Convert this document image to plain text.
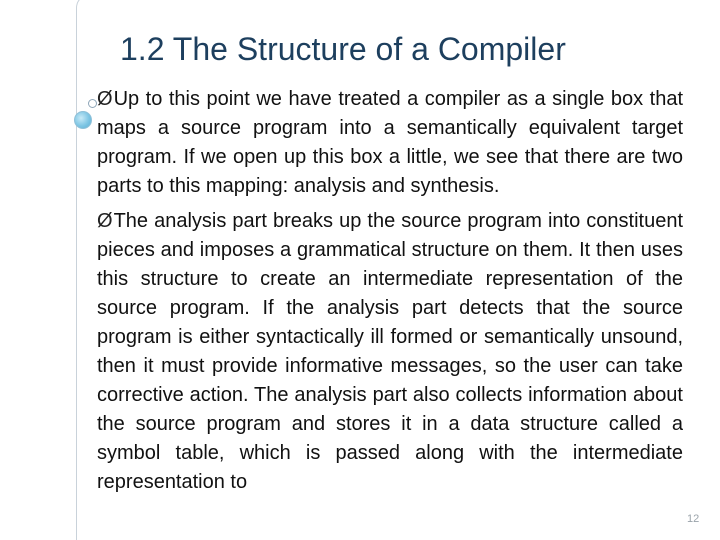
1.2 The Structure of a Compiler

ØUp to this point we have treated a compiler as a single box that maps a source program into a semantically equivalent target program. If we open up this box a little, we see that there are two parts to this mapping: analysis and synthesis.

ØThe analysis part breaks up the source program into constituent pieces and imposes a grammatical structure on them. It then uses this structure to create an intermediate representation of the source program. If the analysis part detects that the source program is either syntactically ill formed or semantically unsound, then it must provide informative messages, so the user can take corrective action. The analysis part also collects information about the source program and stores it in a data structure called a symbol table, which is passed along with the intermediate representation to

12
